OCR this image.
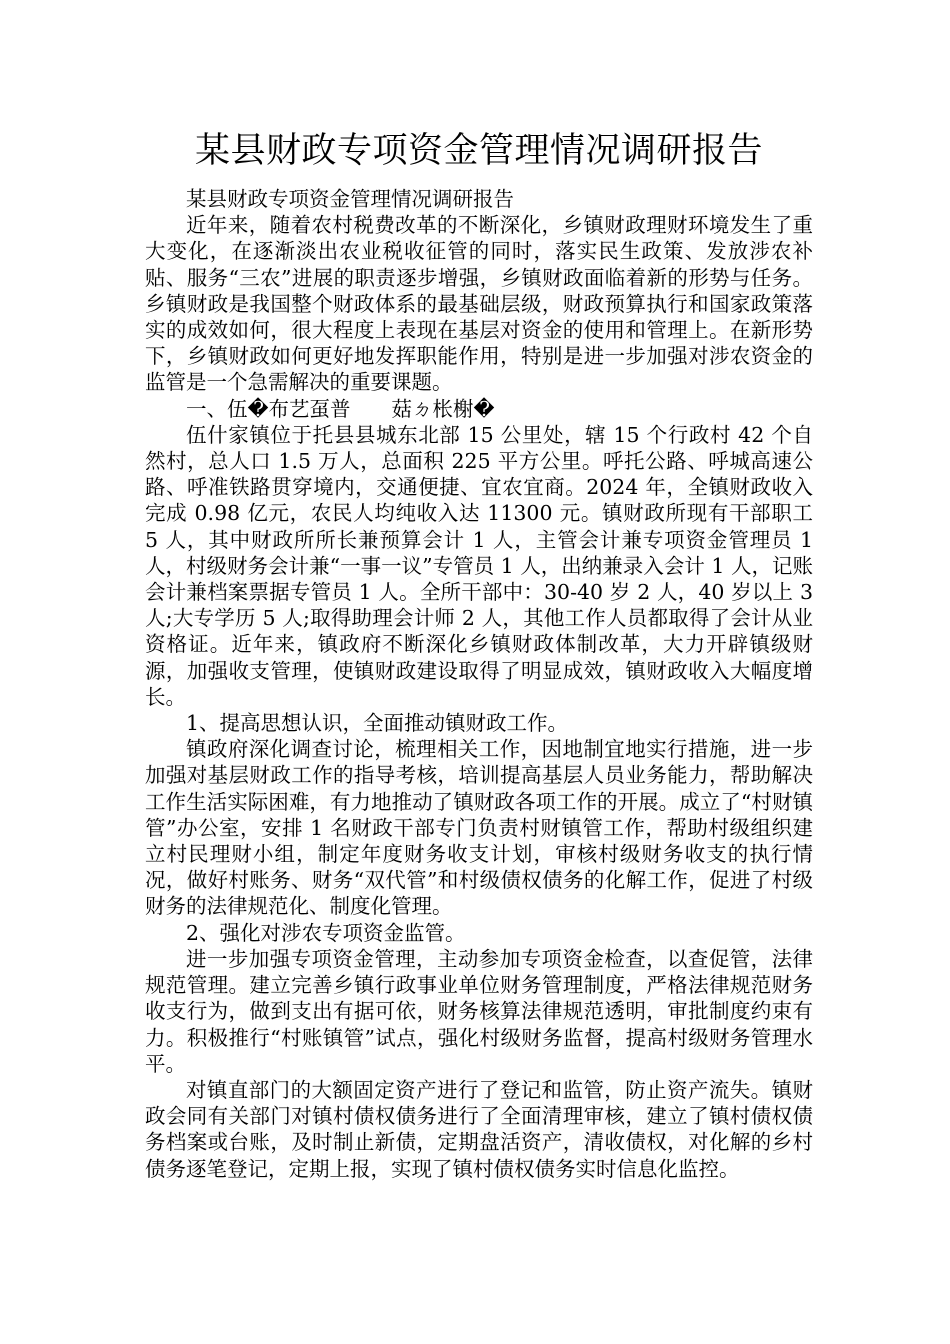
某县财政专项资金管理情况调研报告

某县财政专项资金管理情况调研报告

近年来，随着农村税费改革的不断深化，乡镇财政理财环境发生了重大变化，在逐渐淡出农业税收征管的同时，落实民生政策、发放涉农补贴、服务“三农”进展的职责逐步增强，乡镇财政面临着新的形势与任务。乡镇财政是我国整个财政体系的最基础层级，财政预算执行和国家政策落实的成效如何，很大程度上表现在基层对资金的使用和管理上。在新形势下，乡镇财政如何更好地发挥职能作用，特别是进一步加强对涉农资金的监管是一个急需解决的重要课题。

一、伍�布艺虿普　　菇ㄉ枨榭�

伍什家镇位于托县县城东北部 15 公里处，辖 15 个行政村 42 个自然村，总人口 1.5 万人，总面积 225 平方公里。呼托公路、呼城高速公路、呼准铁路贯穿境内，交通便捷、宜农宜商。2024 年，全镇财政收入完成 0.98 亿元，农民人均纯收入达 11300 元。镇财政所现有干部职工 5 人，其中财政所所长兼预算会计 1 人，主管会计兼专项资金管理员 1 人，村级财务会计兼“一事一议”专管员 1 人，出纳兼录入会计 1 人，记账会计兼档案票据专管员 1 人。全所干部中：30-40 岁 2 人，40 岁以上 3 人;大专学历 5 人;取得助理会计师 2 人，其他工作人员都取得了会计从业资格证。近年来，镇政府不断深化乡镇财政体制改革，大力开辟镇级财源，加强收支管理，使镇财政建设取得了明显成效，镇财政收入大幅度增长。

1、提高思想认识，全面推动镇财政工作。

镇政府深化调查讨论，梳理相关工作，因地制宜地实行措施，进一步加强对基层财政工作的指导考核，培训提高基层人员业务能力，帮助解决工作生活实际困难，有力地推动了镇财政各项工作的开展。成立了“村财镇管”办公室，安排 1 名财政干部专门负责村财镇管工作，帮助村级组织建立村民理财小组，制定年度财务收支计划，审核村级财务收支的执行情况，做好村账务、财务“双代管”和村级债权债务的化解工作，促进了村级财务的法律规范化、制度化管理。

2、强化对涉农专项资金监管。

进一步加强专项资金管理，主动参加专项资金检查，以查促管，法律规范管理。建立完善乡镇行政事业单位财务管理制度，严格法律规范财务收支行为，做到支出有据可依，财务核算法律规范透明，审批制度约束有力。积极推行“村账镇管”试点，强化村级财务监督，提高村级财务管理水平。

对镇直部门的大额固定资产进行了登记和监管，防止资产流失。镇财政会同有关部门对镇村债权债务进行了全面清理审核，建立了镇村债权债务档案或台账，及时制止新债，定期盘活资产，清收债权，对化解的乡村债务逐笔登记，定期上报，实现了镇村债权债务实时信息化监控。
